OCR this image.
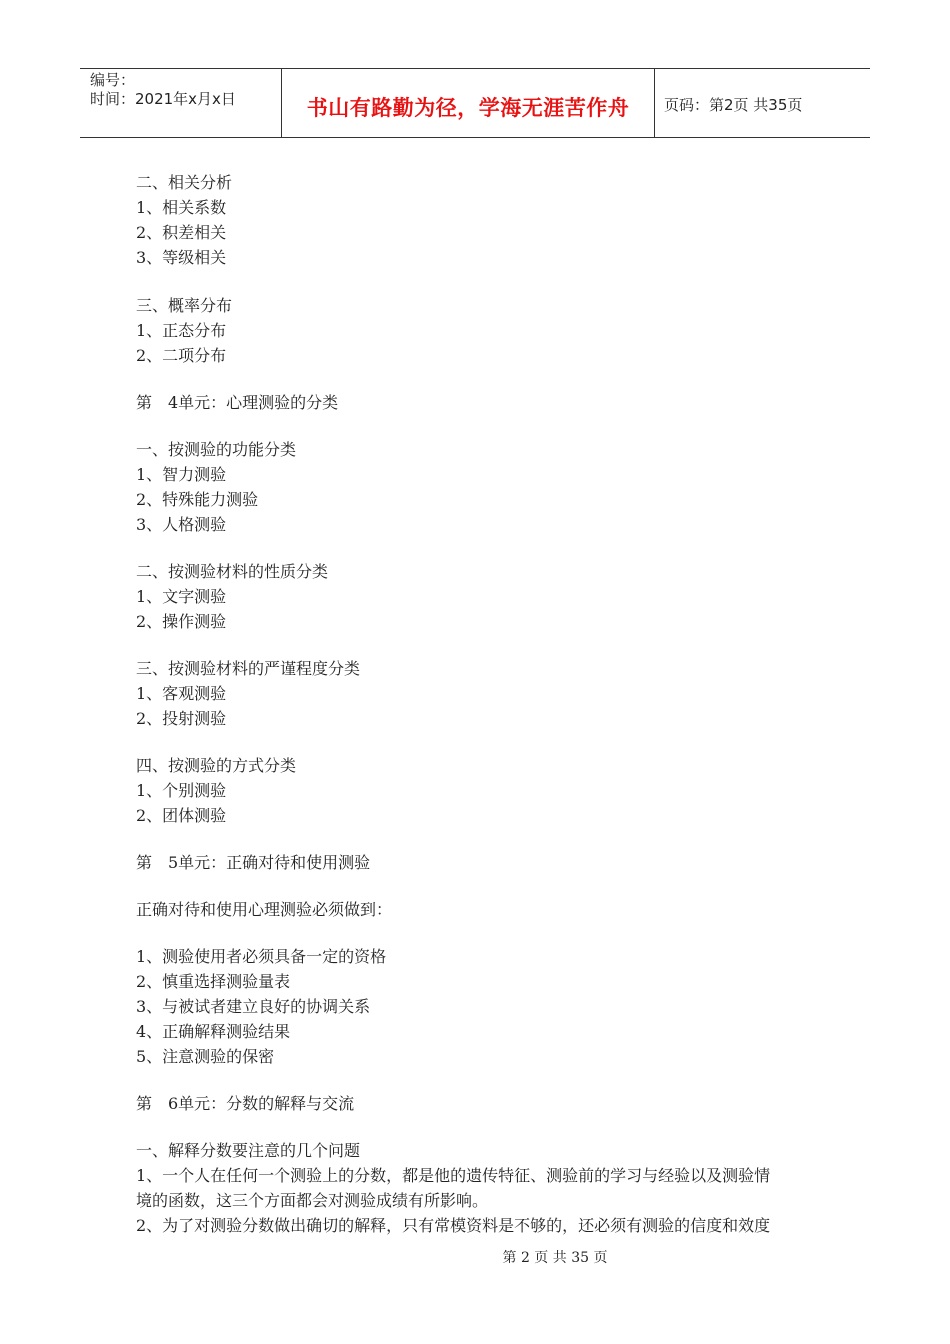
编号：
时间：2021年x月x日	书山有路勤为径，学海无涯苦作舟	页码：第2页 共35页
二、相关分析
1、相关系数
2、积差相关
3、等级相关
三、概率分布
1、正态分布
2、二项分布
第　4单元：心理测验的分类
一、按测验的功能分类
1、智力测验
2、特殊能力测验
3、人格测验
二、按测验材料的性质分类
1、文字测验
2、操作测验
三、按测验材料的严谨程度分类
1、客观测验
2、投射测验
四、按测验的方式分类
1、个别测验
2、团体测验
第　5单元：正确对待和使用测验
正确对待和使用心理测验必须做到：
1、测验使用者必须具备一定的资格
2、慎重选择测验量表
3、与被试者建立良好的协调关系
4、正确解释测验结果
5、注意测验的保密
第　6单元：分数的解释与交流
一、解释分数要注意的几个问题
1、一个人在任何一个测验上的分数，都是他的遗传特征、测验前的学习与经验以及测验情
境的函数，这三个方面都会对测验成绩有所影响。
2、为了对测验分数做出确切的解释，只有常模资料是不够的，还必须有测验的信度和效度
第 2 页 共 35 页
